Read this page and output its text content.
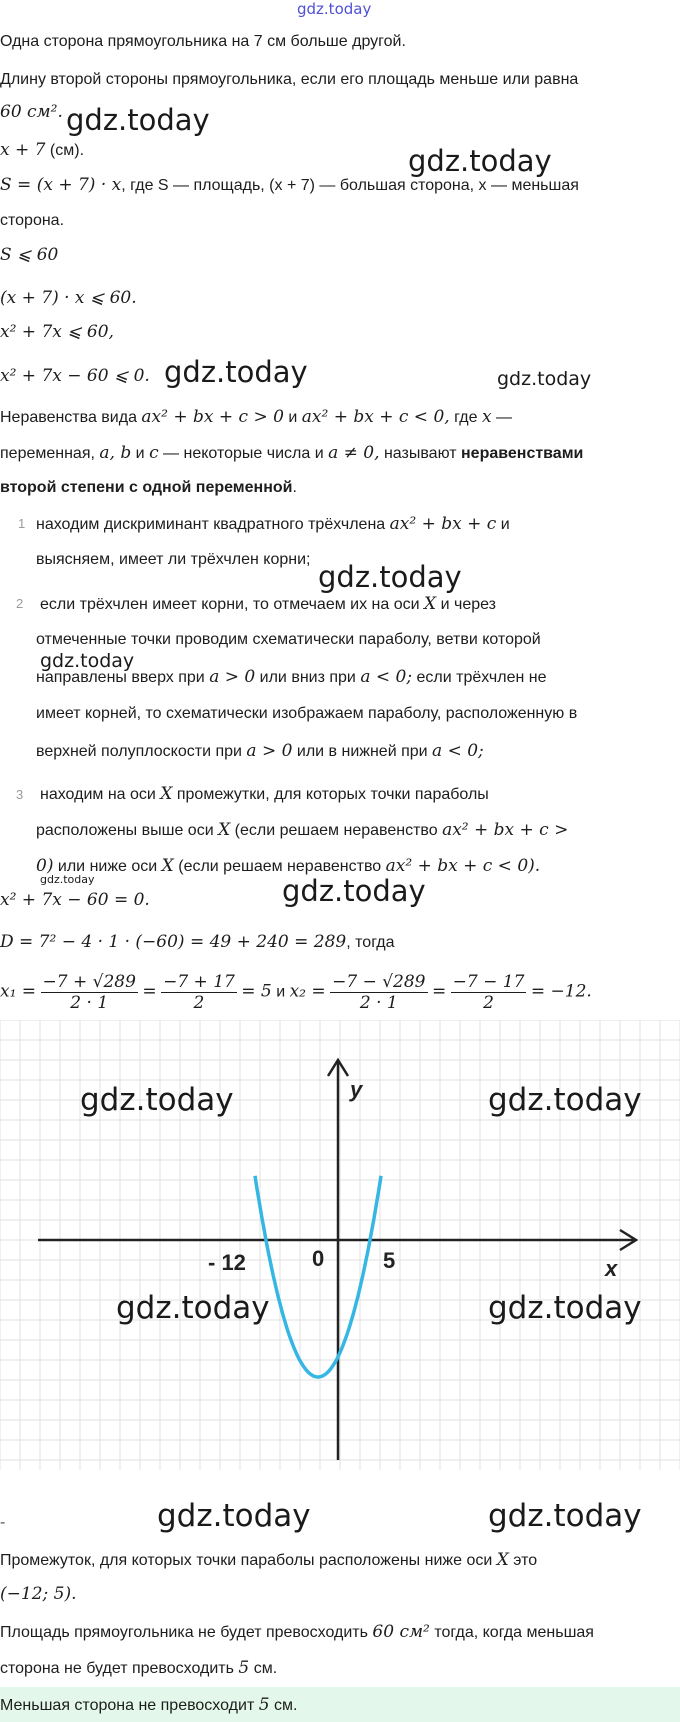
gdz.today
Одна сторона прямоугольника на 7 см больше другой.
Длину второй стороны прямоугольника, если его площадь меньше или равна
60 см².
x + 7 (см).
S = (x + 7) · x, где S — площадь, (x + 7) — большая сторона, x — меньшая
сторона.
S ⩽ 60
(x + 7) · x ⩽ 60.
x² + 7x ⩽ 60,
x² + 7x − 60 ⩽ 0.
Неравенства вида ax² + bx + c > 0 и ax² + bx + c < 0, где x —
переменная, a, b и c — некоторые числа и a ≠ 0, называют неравенствами
второй степени с одной переменной.
1 находим дискриминант квадратного трёхчлена ax² + bx + c и
выясняем, имеет ли трёхчлен корни;
2 если трёхчлен имеет корни, то отмечаем их на оси X и через
отмеченные точки проводим схематически параболу, ветви которой
направлены вверх при a > 0 или вниз при a < 0; если трёхчлен не
имеет корней, то схематически изображаем параболу, расположенную в
верхней полуплоскости при a > 0 или в нижней при a < 0;
3 находим на оси X промежутки, для которых точки параболы
расположены выше оси X (если решаем неравенство ax² + bx + c >
0) или ниже оси X (если решаем неравенство ax² + bx + c < 0).
x² + 7x − 60 = 0.
D = 7² − 4 · 1 · (−60) = 49 + 240 = 289, тогда
$x_1 = \frac{-7 + √289}{2 \cdot 1} = \frac{-7 + 17}{2} = 5$ и $x_2 = \frac{-7 - √289}{2 \cdot 1} = \frac{-7 - 17}{2} = -12$.
x
y
- 12	0	5
-
Промежуток, для которых точки параболы расположены ниже оси X это
(−12; 5).
Площадь прямоугольника не будет превосходить 60 см² тогда, когда меньшая
сторона не будет превосходить 5 см.
Меньшая сторона не превосходит 5 см.
gdz.today
gdz.today
gdz.today	gdz.today
gdz.today
gdz.today
gdz.today	gdz.today
gdz.today	gdz.today
gdz.today	gdz.today
gdz.today	gdz.today
